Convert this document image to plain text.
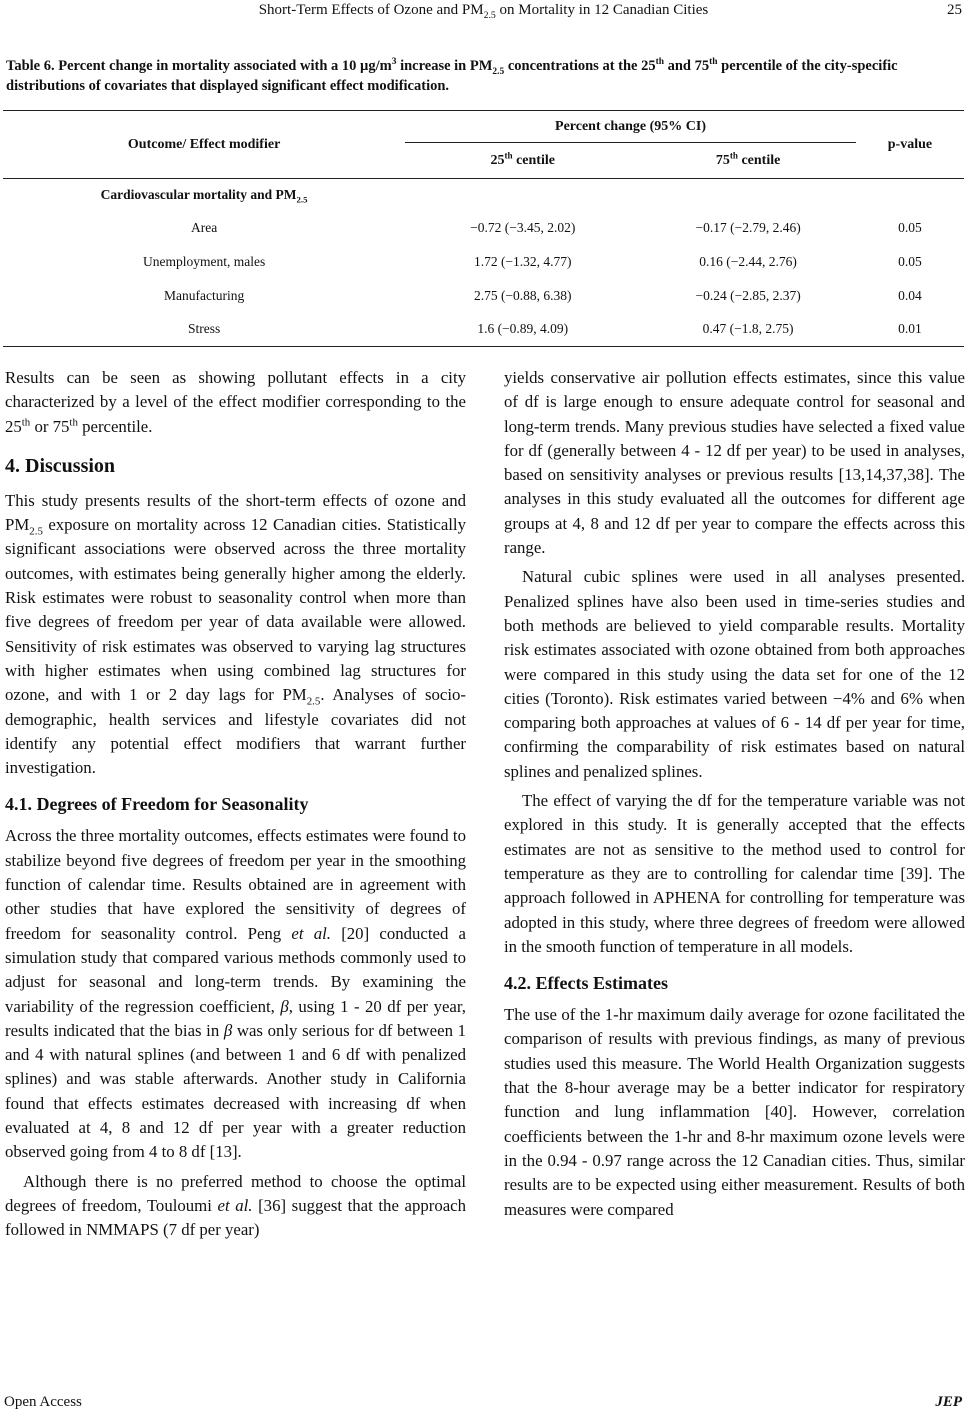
Short-Term Effects of Ozone and $PM_{2.5}$ on Mortality in 12 Canadian Cities	25
Table 6. Percent change in mortality associated with a 10 $\mu g/m^3$ increase in $PM_{2.5}$ concentrations at the 25th and 75th percentile of the city-specific distributions of covariates that displayed significant effect modification.
Outcome/ Effect modifier	Percent change (95% CI)		p-value
	25th centile	75th centile	
Cardiovascular mortality and $PM_{2.5}$			
Area	−0.72 (−3.45, 2.02)	−0.17 (−2.79, 2.46)	0.05
Unemployment, males	1.72 (−1.32, 4.77)	0.16 (−2.44, 2.76)	0.05
Manufacturing	2.75 (−0.88, 6.38)	−0.24 (−2.85, 2.37)	0.04
Stress	1.6 (−0.89, 4.09)	0.47 (−1.8, 2.75)	0.01

Results can be seen as showing pollutant effects in a city characterized by a level of the effect modifier corresponding to the 25th or 75th percentile.

4. Discussion

This study presents results of the short-term effects of ozone and $PM_{2.5}$ exposure on mortality across 12 Canadian cities. Statistically significant associations were observed across the three mortality outcomes, with estimates being generally higher among the elderly. Risk estimates were robust to seasonality control when more than five degrees of freedom per year of data available were allowed. Sensitivity of risk estimates was observed to varying lag structures with higher estimates when using combined lag structures for ozone, and with 1 or 2 day lags for $PM_{2.5}$. Analyses of socio-demographic, health services and lifestyle covariates did not identify any potential effect modifiers that warrant further investigation.

4.1. Degrees of Freedom for Seasonality

Across the three mortality outcomes, effects estimates were found to stabilize beyond five degrees of freedom per year in the smoothing function of calendar time. Results obtained are in agreement with other studies that have explored the sensitivity of degrees of freedom for seasonality control. Peng et al. [20] conducted a simulation study that compared various methods commonly used to adjust for seasonal and long-term trends. By examining the variability of the regression coefficient, β, using 1 - 20 df per year, results indicated that the bias in β was only serious for df between 1 and 4 with natural splines (and between 1 and 6 df with penalized splines) and was stable afterwards. Another study in California found that effects estimates decreased with increasing df when evaluated at 4, 8 and 12 df per year with a greater reduction observed going from 4 to 8 df [13].

Although there is no preferred method to choose the optimal degrees of freedom, Touloumi et al. [36] suggest that the approach followed in NMMAPS (7 df per year)

yields conservative air pollution effects estimates, since this value of df is large enough to ensure adequate control for seasonal and long-term trends. Many previous studies have selected a fixed value for df (generally between 4 - 12 df per year) to be used in analyses, based on sensitivity analyses or previous results [13,14,37,38]. The analyses in this study evaluated all the outcomes for different age groups at 4, 8 and 12 df per year to compare the effects across this range.

Natural cubic splines were used in all analyses presented. Penalized splines have also been used in time-series studies and both methods are believed to yield comparable results. Mortality risk estimates associated with ozone obtained from both approaches were compared in this study using the data set for one of the 12 cities (Toronto). Risk estimates varied between −4% and 6% when comparing both approaches at values of 6 - 14 df per year for time, confirming the comparability of risk estimates based on natural splines and penalized splines.

The effect of varying the df for the temperature variable was not explored in this study. It is generally accepted that the effects estimates are not as sensitive to the method used to control for temperature as they are to controlling for calendar time [39]. The approach followed in APHENA for controlling for temperature was adopted in this study, where three degrees of freedom were allowed in the smooth function of temperature in all models.

4.2. Effects Estimates

The use of the 1-hr maximum daily average for ozone facilitated the comparison of results with previous findings, as many of previous studies used this measure. The World Health Organization suggests that the 8-hour average may be a better indicator for respiratory function and lung inflammation [40]. However, correlation coefficients between the 1-hr and 8-hr maximum ozone levels were in the 0.94 - 0.97 range across the 12 Canadian cities. Thus, similar results are to be expected using either measurement. Results of both measures were compared

Open Access	JEP
